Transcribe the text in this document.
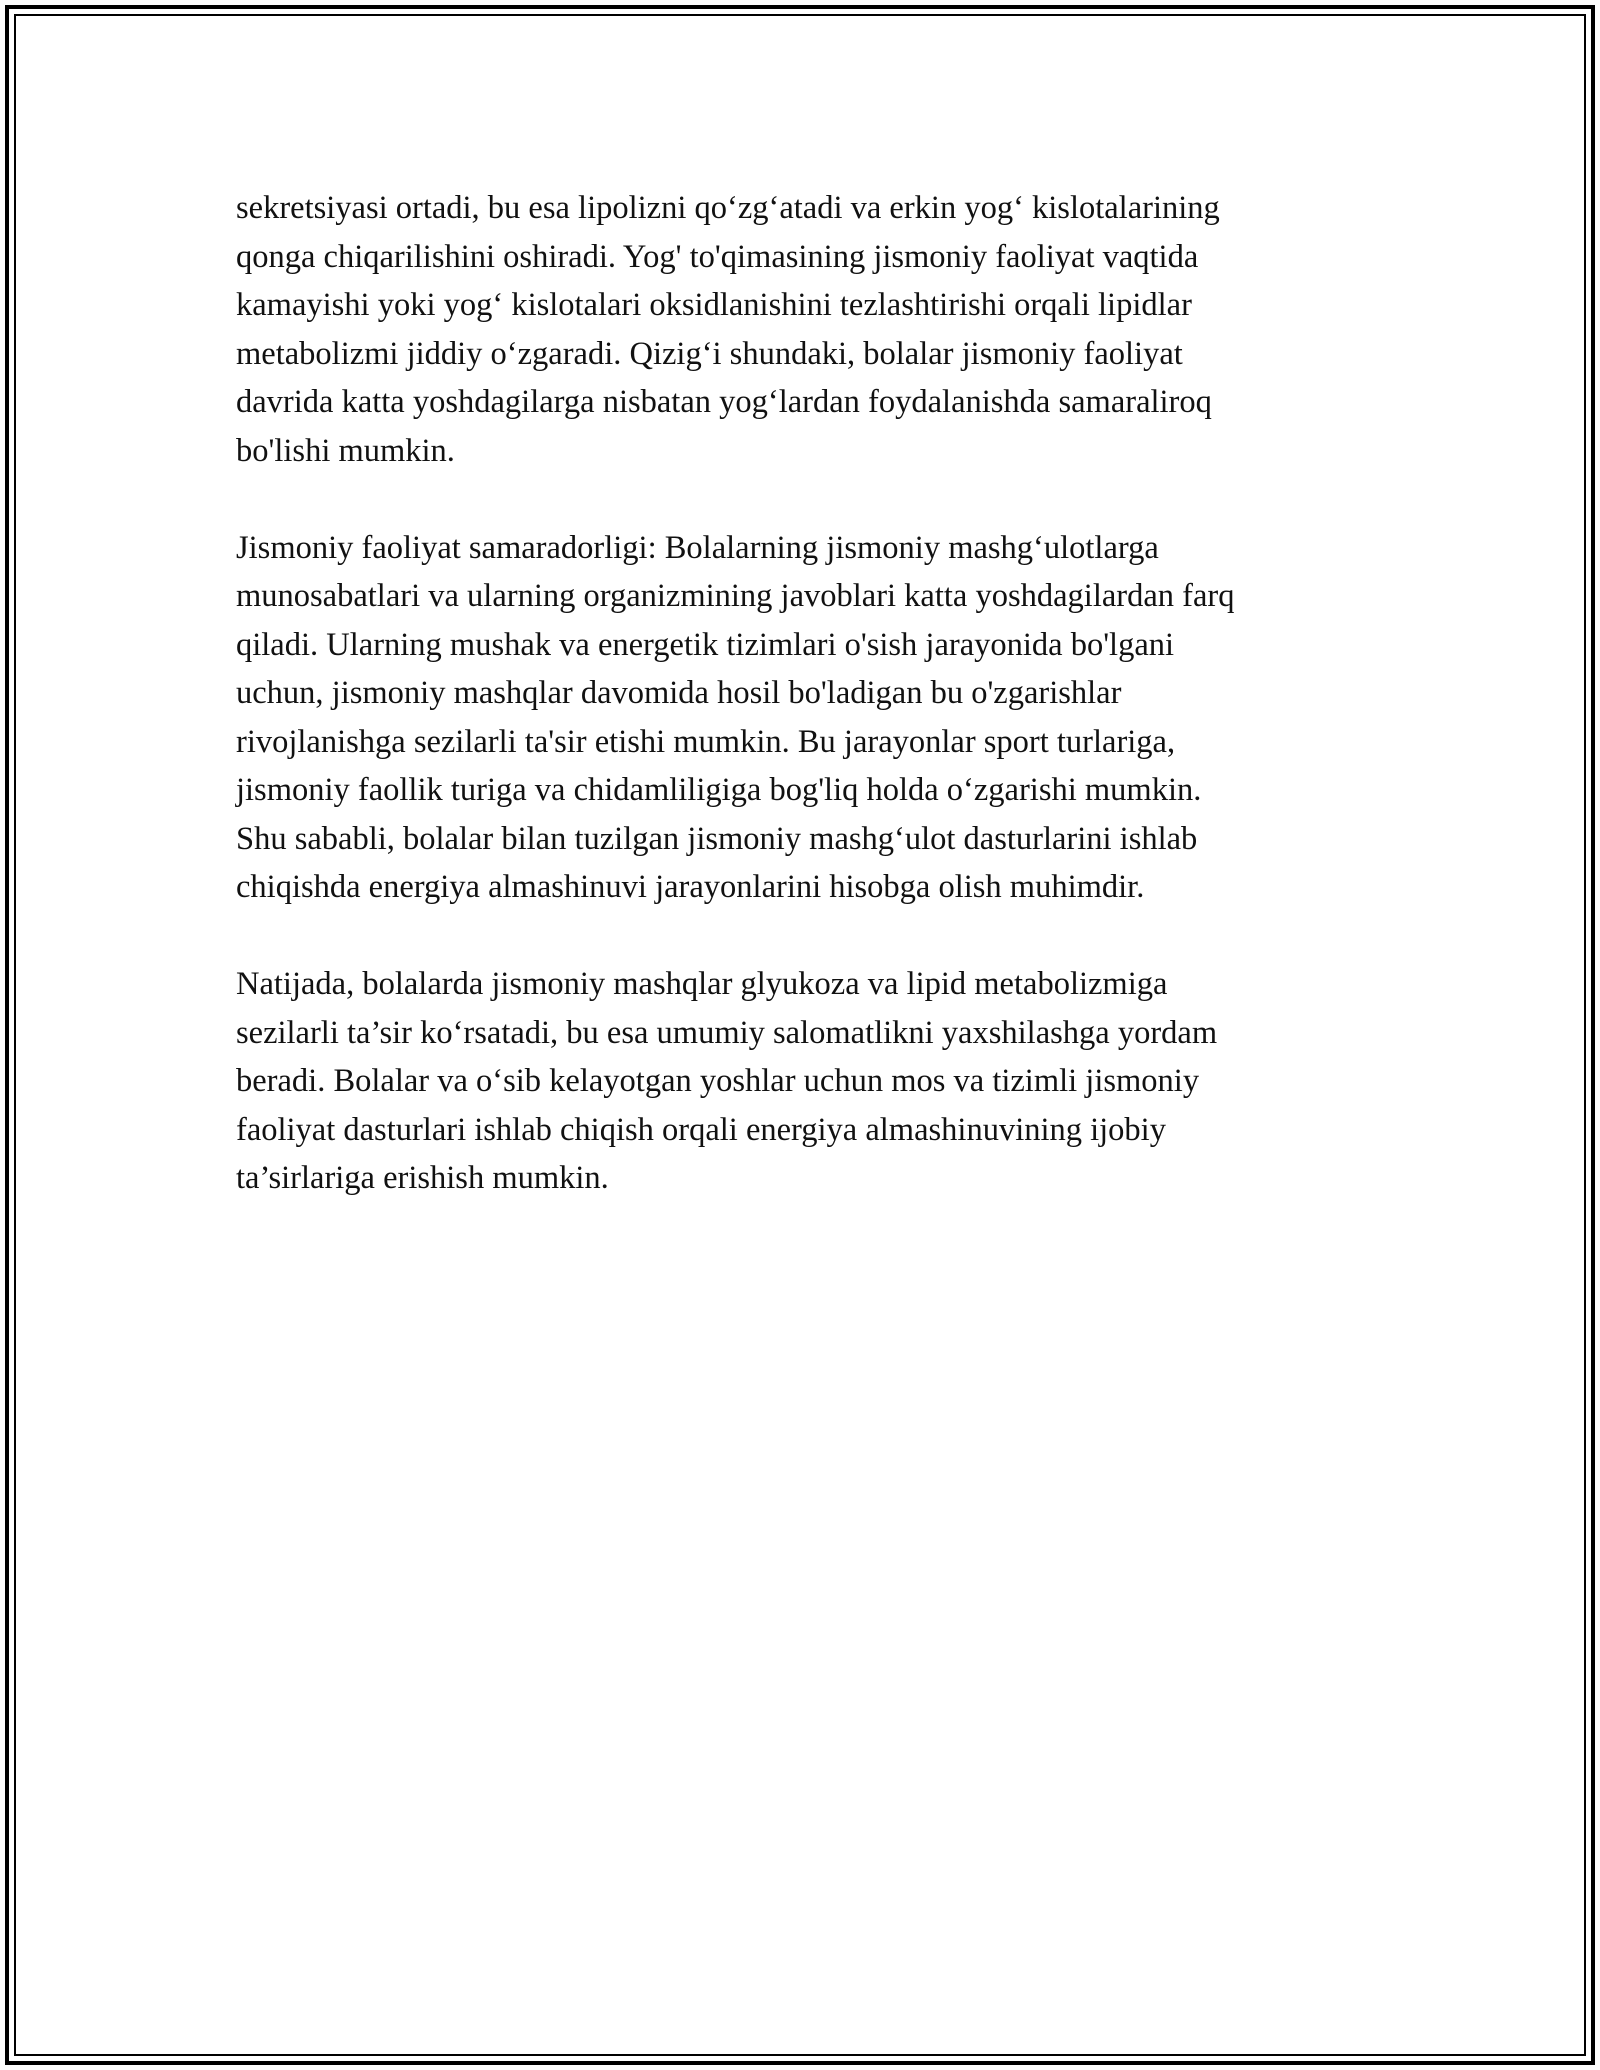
sekretsiyasi ortadi, bu esa lipolizni qo‘zg‘atadi va erkin yog‘ kislotalarining
qonga chiqarilishini oshiradi. Yog' to'qimasining jismoniy faoliyat vaqtida
kamayishi yoki yog‘ kislotalari oksidlanishini tezlashtirishi orqali lipidlar
metabolizmi jiddiy o‘zgaradi. Qizig‘i shundaki, bolalar jismoniy faoliyat
davrida katta yoshdagilarga nisbatan yog‘lardan foydalanishda samaraliroq
bo'lishi mumkin.

Jismoniy faoliyat samaradorligi: Bolalarning jismoniy mashg‘ulotlarga
munosabatlari va ularning organizmining javoblari katta yoshdagilardan farq
qiladi. Ularning mushak va energetik tizimlari o'sish jarayonida bo'lgani
uchun, jismoniy mashqlar davomida hosil bo'ladigan bu o'zgarishlar
rivojlanishga sezilarli ta'sir etishi mumkin. Bu jarayonlar sport turlariga,
jismoniy faollik turiga va chidamliligiga bog'liq holda o‘zgarishi mumkin.
Shu sababli, bolalar bilan tuzilgan jismoniy mashg‘ulot dasturlarini ishlab
chiqishda energiya almashinuvi jarayonlarini hisobga olish muhimdir.

Natijada, bolalarda jismoniy mashqlar glyukoza va lipid metabolizmiga
sezilarli ta’sir ko‘rsatadi, bu esa umumiy salomatlikni yaxshilashga yordam
beradi. Bolalar va o‘sib kelayotgan yoshlar uchun mos va tizimli jismoniy
faoliyat dasturlari ishlab chiqish orqali energiya almashinuvining ijobiy
ta’sirlariga erishish mumkin.
